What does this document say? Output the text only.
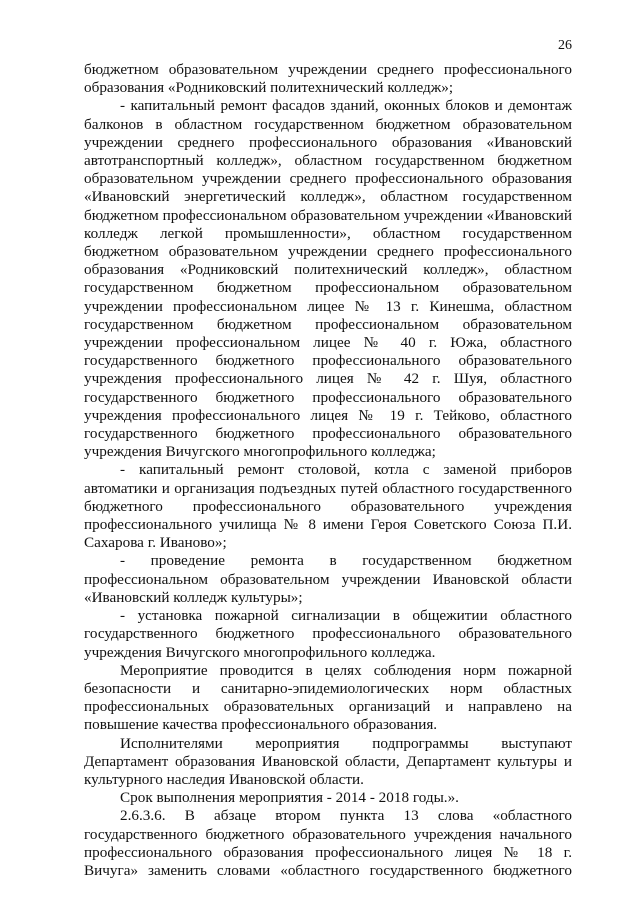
26

бюджетном образовательном учреждении среднего профессионального образования «Родниковский политехнический колледж»;

- капитальный ремонт фасадов зданий, оконных блоков и демонтаж балконов в областном государственном бюджетном образовательном учреждении среднего профессионального образования «Ивановский автотранспортный колледж», областном государственном бюджетном образовательном учреждении среднего профессионального образования «Ивановский энергетический колледж», областном государственном бюджетном профессиональном образовательном учреждении «Ивановский колледж легкой промышленности», областном государственном бюджетном образовательном учреждении среднего профессионального образования «Родниковский политехнический колледж», областном государственном бюджетном профессиональном образовательном учреждении профессиональном лицее № 13 г. Кинешма, областном государственном бюджетном профессиональном образовательном учреждении профессиональном лицее № 40 г. Южа, областного государственного бюджетного профессионального образовательного учреждения профессионального лицея № 42 г. Шуя, областного государственного бюджетного профессионального образовательного учреждения профессионального лицея № 19 г. Тейково, областного государственного бюджетного профессионального образовательного учреждения Вичугского многопрофильного колледжа;

- капитальный ремонт столовой, котла с заменой приборов автоматики и организация подъездных путей областного государственного бюджетного профессионального образовательного учреждения профессионального училища № 8 имени Героя Советского Союза П.И. Сахарова г. Иваново»;

- проведение ремонта в государственном бюджетном профессиональном образовательном учреждении Ивановской области «Ивановский колледж культуры»;

- установка пожарной сигнализации в общежитии областного государственного бюджетного профессионального образовательного учреждения Вичугского многопрофильного колледжа.

Мероприятие проводится в целях соблюдения норм пожарной безопасности и санитарно-эпидемиологических норм областных профессиональных образовательных организаций и направлено на повышение качества профессионального образования.

Исполнителями мероприятия подпрограммы выступают Департамент образования Ивановской области, Департамент культуры и культурного наследия Ивановской области.

Срок выполнения мероприятия - 2014 - 2018 годы.».

2.6.3.6. В абзаце втором пункта 13 слова «областного государственного бюджетного образовательного учреждения начального профессионального образования профессионального лицея № 18 г. Вичуга» заменить словами «областного государственного бюджетного
